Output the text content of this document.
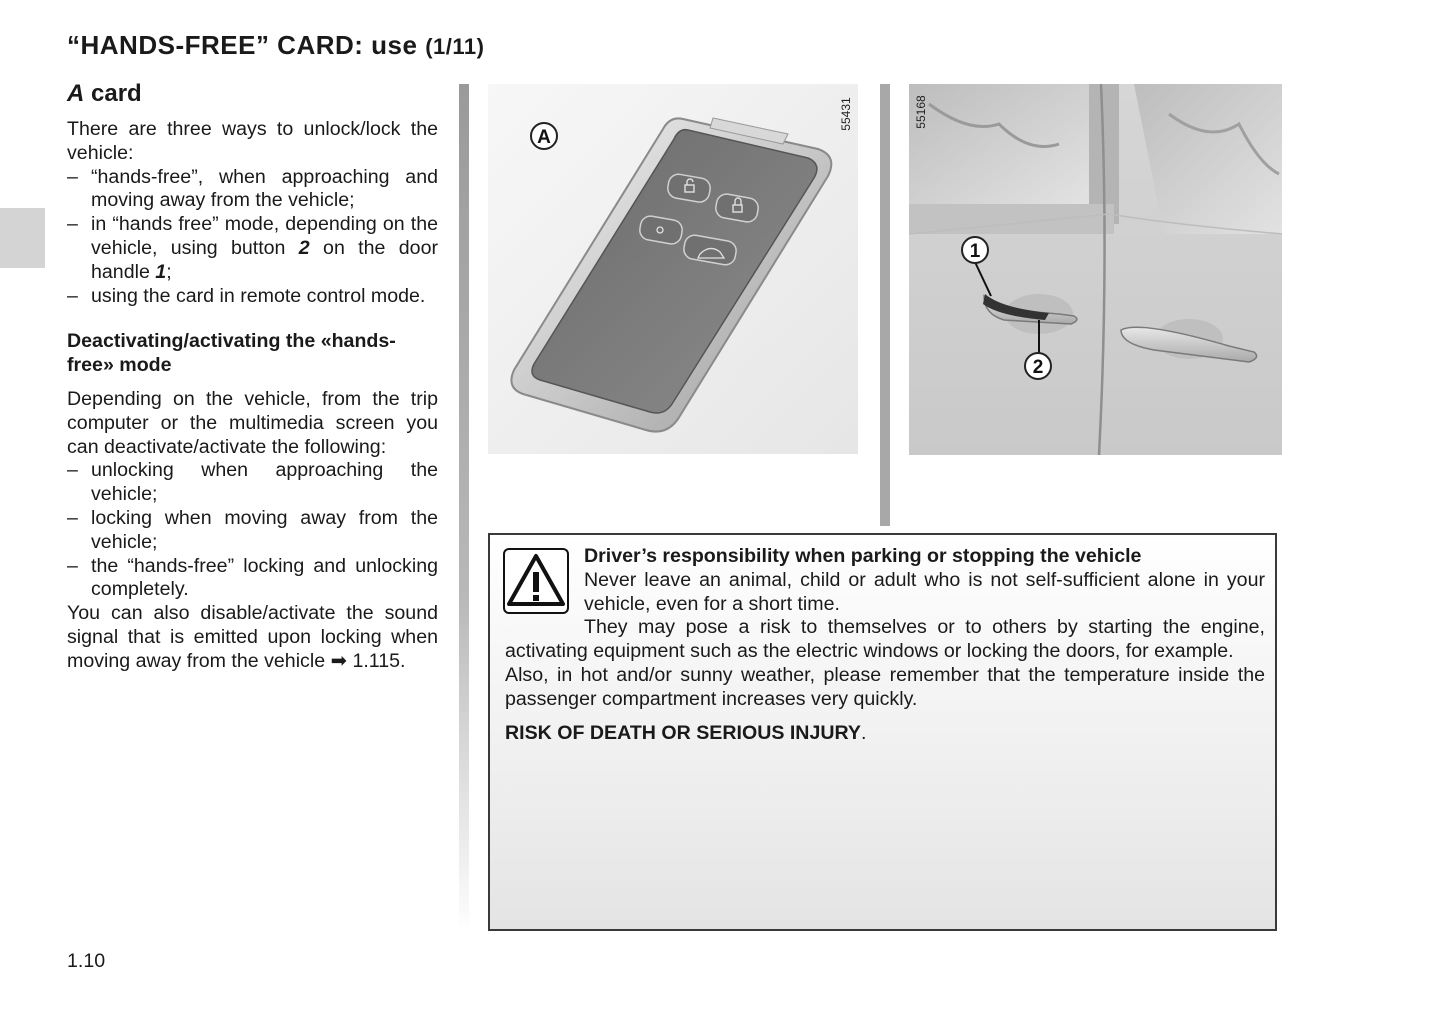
“HANDS-FREE” CARD: use (1/11)
A card

There are three ways to unlock/lock the vehicle:

– “hands-free”, when approaching and moving away from the vehicle;
– in “hands free” mode, depending on the vehicle, using button 2 on the door handle 1;
– using the card in remote control mode.
Deactivating/activating the «hands-free» mode

Depending on the vehicle, from the trip computer or the multimedia screen you can deactivate/activate the following:

– unlocking when approaching the vehicle;
– locking when moving away from the vehicle;
– the “hands-free” locking and unlocking completely.

You can also disable/activate the sound signal that is emitted upon locking when moving away from the vehicle ➡ 1.115.

A
55431
1
2
55168
Driver’s responsibility when parking or stopping the vehicle
Never leave an animal, child or adult who is not self-sufficient alone in your vehicle, even for a short time.

They may pose a risk to themselves or to others by starting the engine, activating equipment such as the electric windows or locking the doors, for example.

Also, in hot and/or sunny weather, please remember that the temperature inside the passenger compartment increases very quickly.

RISK OF DEATH OR SERIOUS INJURY.

1.10
